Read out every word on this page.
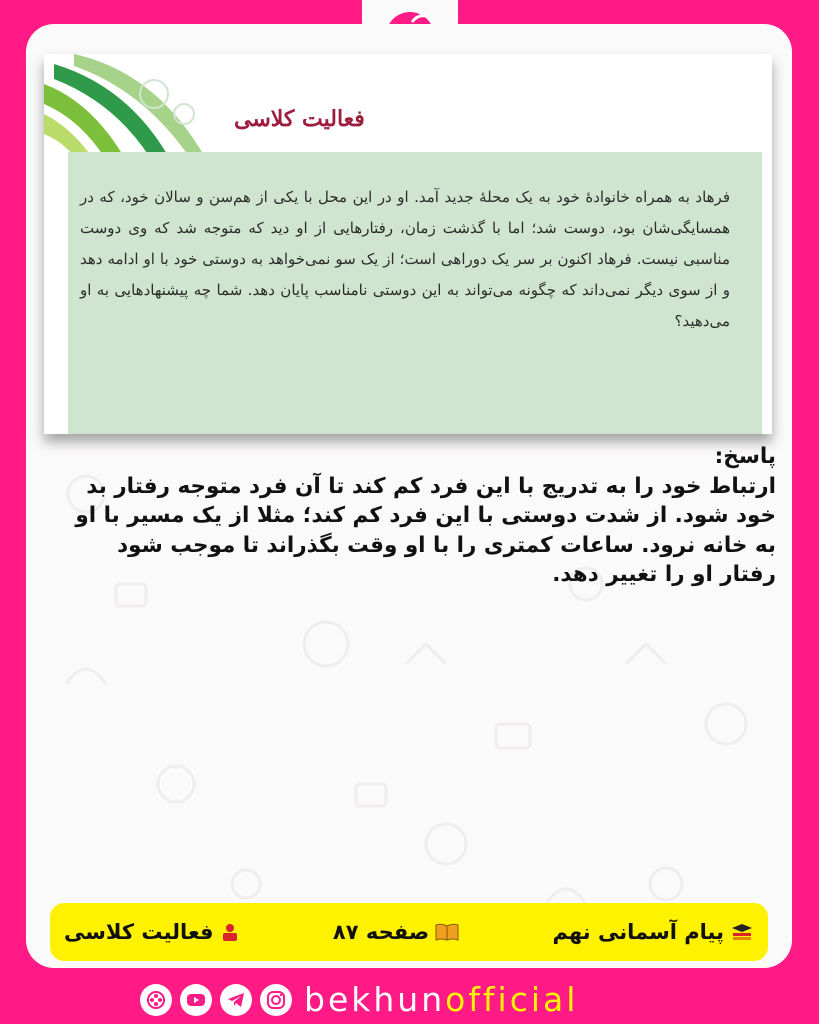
فعالیت کلاسی
فرهاد به همراه خانوادهٔ خود به یک محلهٔ جدید آمد. او در این محل با یکی از هم‌سن و سالان خود، که در همسایگی‌شان بود، دوست شد؛ اما با گذشت زمان، رفتارهایی از او دید که متوجه شد که وی دوست مناسبی نیست. فرهاد اکنون بر سر یک دوراهی است؛ از یک سو نمی‌خواهد به دوستی خود با او ادامه دهد و از سوی دیگر نمی‌داند که چگونه می‌تواند به این دوستی نامناسب پایان دهد. شما چه پیشنهادهایی به او می‌دهید؟
پاسخ:
ارتباط خود را به تدریج با این فرد کم کند تا آن فرد متوجه رفتار بد خود شود. از شدت دوستی با این فرد کم کند؛ مثلا از یک مسیر با او به خانه نرود. ساعات کمتری را با او وقت بگذراند تا موجب شود رفتار او را تغییر دهد.
فعالیت کلاسی	صفحه ۸۷	پیام آسمانی نهم
bekhunofficial
